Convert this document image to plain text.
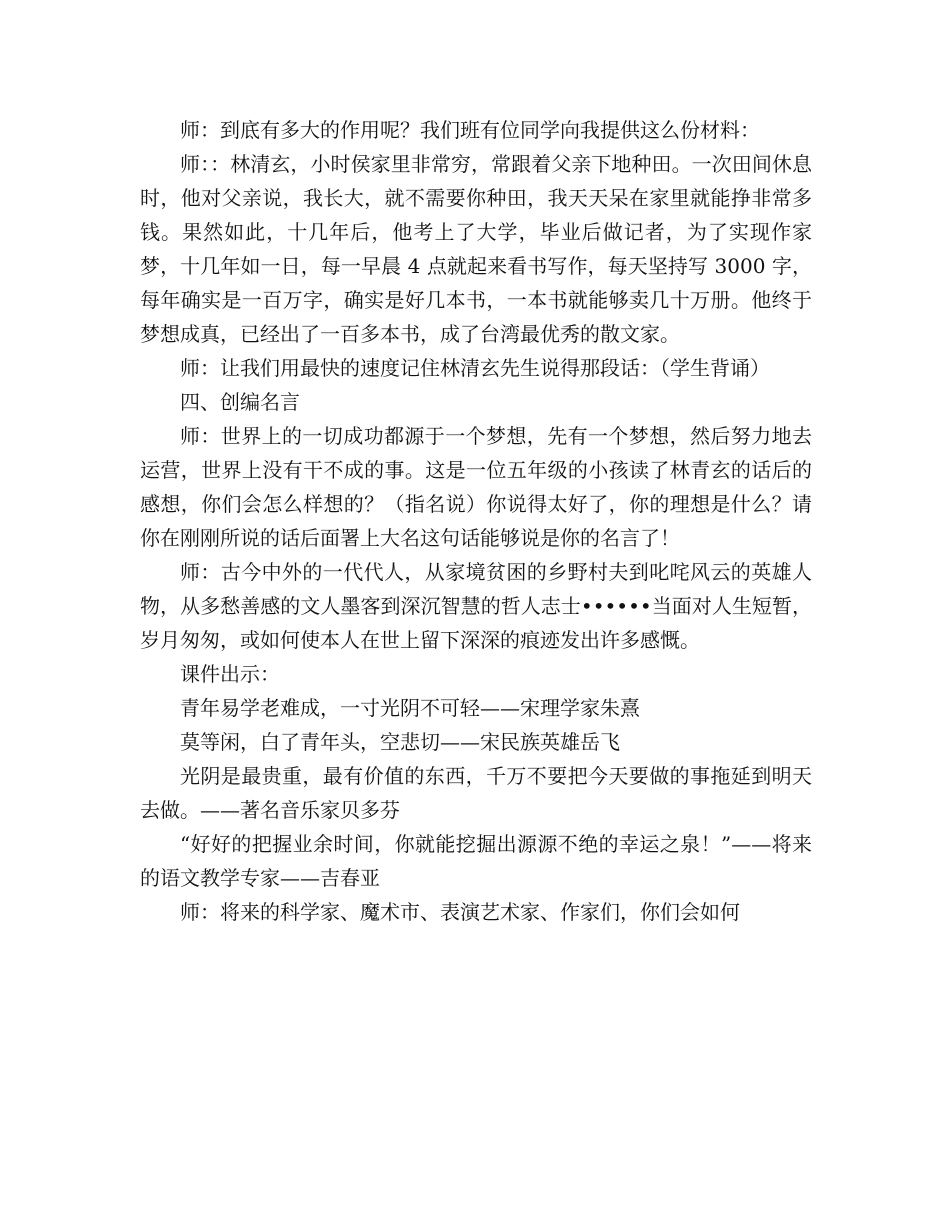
师：到底有多大的作用呢？我们班有位同学向我提供这么份材料：

师：：林清玄，小时侯家里非常穷，常跟着父亲下地种田。一次田间休息时，他对父亲说，我长大，就不需要你种田，我天天呆在家里就能挣非常多钱。果然如此，十几年后，他考上了大学，毕业后做记者，为了实现作家梦，十几年如一日，每一早晨 4 点就起来看书写作，每天坚持写 3000 字，每年确实是一百万字，确实是好几本书，一本书就能够卖几十万册。他终于梦想成真，已经出了一百多本书，成了台湾最优秀的散文家。

师：让我们用最快的速度记住林清玄先生说得那段话：（学生背诵）

四、创编名言

师：世界上的一切成功都源于一个梦想，先有一个梦想，然后努力地去运营，世界上没有干不成的事。这是一位五年级的小孩读了林青玄的话后的感想，你们会怎么样想的？（指名说）你说得太好了，你的理想是什么？请你在刚刚所说的话后面署上大名这句话能够说是你的名言了！

师：古今中外的一代代人，从家境贫困的乡野村夫到叱咤风云的英雄人物，从多愁善感的文人墨客到深沉智慧的哲人志士••••••当面对人生短暂，岁月匆匆，或如何使本人在世上留下深深的痕迹发出许多感慨。

课件出示：

青年易学老难成，一寸光阴不可轻——宋理学家朱熹

莫等闲，白了青年头，空悲切——宋民族英雄岳飞

光阴是最贵重，最有价值的东西，千万不要把今天要做的事拖延到明天去做。——著名音乐家贝多芬

“好好的把握业余时间，你就能挖掘出源源不绝的幸运之泉！”——将来的语文教学专家——吉春亚

师：将来的科学家、魔术市、表演艺术家、作家们，你们会如何
